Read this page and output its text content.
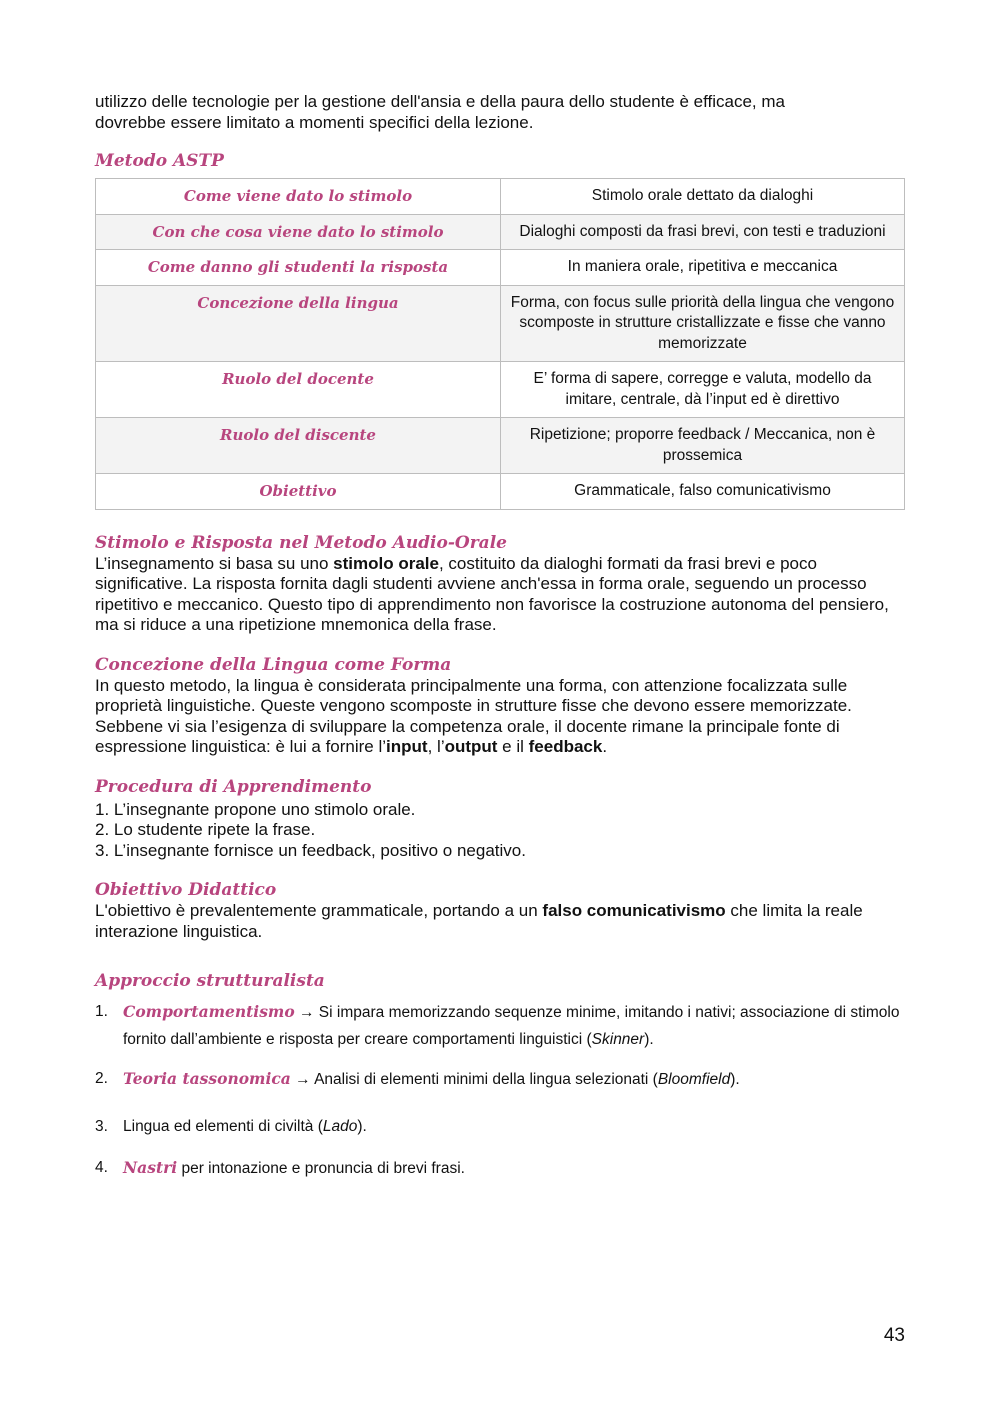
utilizzo delle tecnologie per la gestione dell'ansia e della paura dello studente è efficace, ma
dovrebbe essere limitato a momenti specifici della lezione.

Metodo ASTP
Come viene dato lo stimolo	Stimolo orale dettato da dialoghi
Con che cosa viene dato lo stimolo	Dialoghi composti da frasi brevi, con testi e traduzioni
Come danno gli studenti la risposta	In maniera orale, ripetitiva e meccanica
Concezione della lingua	Forma, con focus sulle priorità della lingua che vengono scomposte in strutture cristallizzate e fisse che vanno memorizzate
Ruolo del docente	E’ forma di sapere, corregge e valuta, modello da imitare, centrale, dà l’input ed è direttivo
Ruolo del discente	Ripetizione; proporre feedback / Meccanica, non è prossemica
Obiettivo	Grammaticale, falso comunicativismo
Stimolo e Risposta nel Metodo Audio-Orale

L’insegnamento si basa su uno stimolo orale, costituito da dialoghi formati da frasi brevi e poco significative. La risposta fornita dagli studenti avviene anch'essa in forma orale, seguendo un processo ripetitivo e meccanico. Questo tipo di apprendimento non favorisce la costruzione autonoma del pensiero, ma si riduce a una ripetizione mnemonica della frase.

Concezione della Lingua come Forma

In questo metodo, la lingua è considerata principalmente una forma, con attenzione focalizzata sulle proprietà linguistiche. Queste vengono scomposte in strutture fisse che devono essere memorizzate. Sebbene vi sia l’esigenza di sviluppare la competenza orale, il docente rimane la principale fonte di espressione linguistica: è lui a fornire l’input, l’output e il feedback.

Procedura di Apprendimento
1. L’insegnante propone uno stimolo orale.
2. Lo studente ripete la frase.
3. L’insegnante fornisce un feedback, positivo o negativo.
Obiettivo Didattico

L'obiettivo è prevalentemente grammaticale, portando a un falso comunicativismo che limita la reale interazione linguistica.

Approccio strutturalista
1. Comportamentismo → Si impara memorizzando sequenze minime, imitando i nativi; associazione di stimolo fornito dall’ambiente e risposta per creare comportamenti linguistici (Skinner).
2. Teoria tassonomica → Analisi di elementi minimi della lingua selezionati (Bloomfield).
3. Lingua ed elementi di civiltà (Lado).
4. Nastri per intonazione e pronuncia di brevi frasi.
43
